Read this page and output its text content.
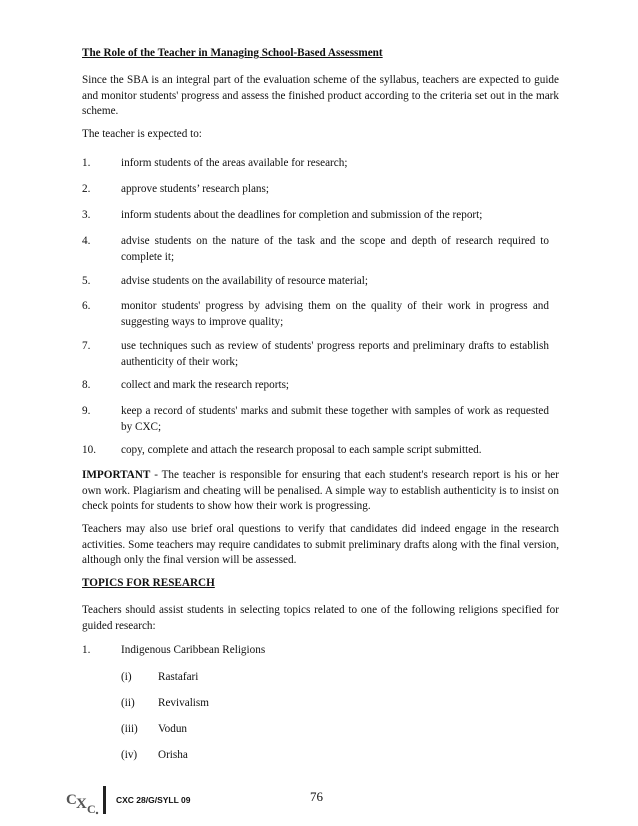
The Role of the Teacher in Managing School-Based Assessment
Since the SBA is an integral part of the evaluation scheme of the syllabus, teachers are expected to guide and monitor students' progress and assess the finished product according to the criteria set out in the mark scheme.
The teacher is expected to:
1.	inform students of the areas available for research;
2.	approve students’ research plans;
3.	inform students about the deadlines for completion and submission of the report;
4.	advise students on the nature of the task and the scope and depth of research required to complete it;
5.	advise students on the availability of resource material;
6.	monitor students' progress by advising them on the quality of their work in progress and suggesting ways to improve quality;
7.	use techniques such as review of students' progress reports and preliminary drafts to establish authenticity of their work;
8.	collect and mark the research reports;
9.	keep a record of students' marks and submit these together with samples of work as requested by CXC;
10. copy, complete and attach the research proposal to each sample script submitted.
IMPORTANT - The teacher is responsible for ensuring that each student's research report is his or her own work. Plagiarism and cheating will be penalised. A simple way to establish authenticity is to insist on check points for students to show how their work is progressing.
Teachers may also use brief oral questions to verify that candidates did indeed engage in the research activities. Some teachers may require candidates to submit preliminary drafts along with the final version, although only the final version will be assessed.
TOPICS FOR RESEARCH
Teachers should assist students in selecting topics related to one of the following religions specified for guided research:
1.	Indigenous Caribbean Religions
(i) Rastafari
(ii) Revivalism
(iii) Vodun
(iv) Orisha
C X C
CXC 28/G/SYLL 09	76
